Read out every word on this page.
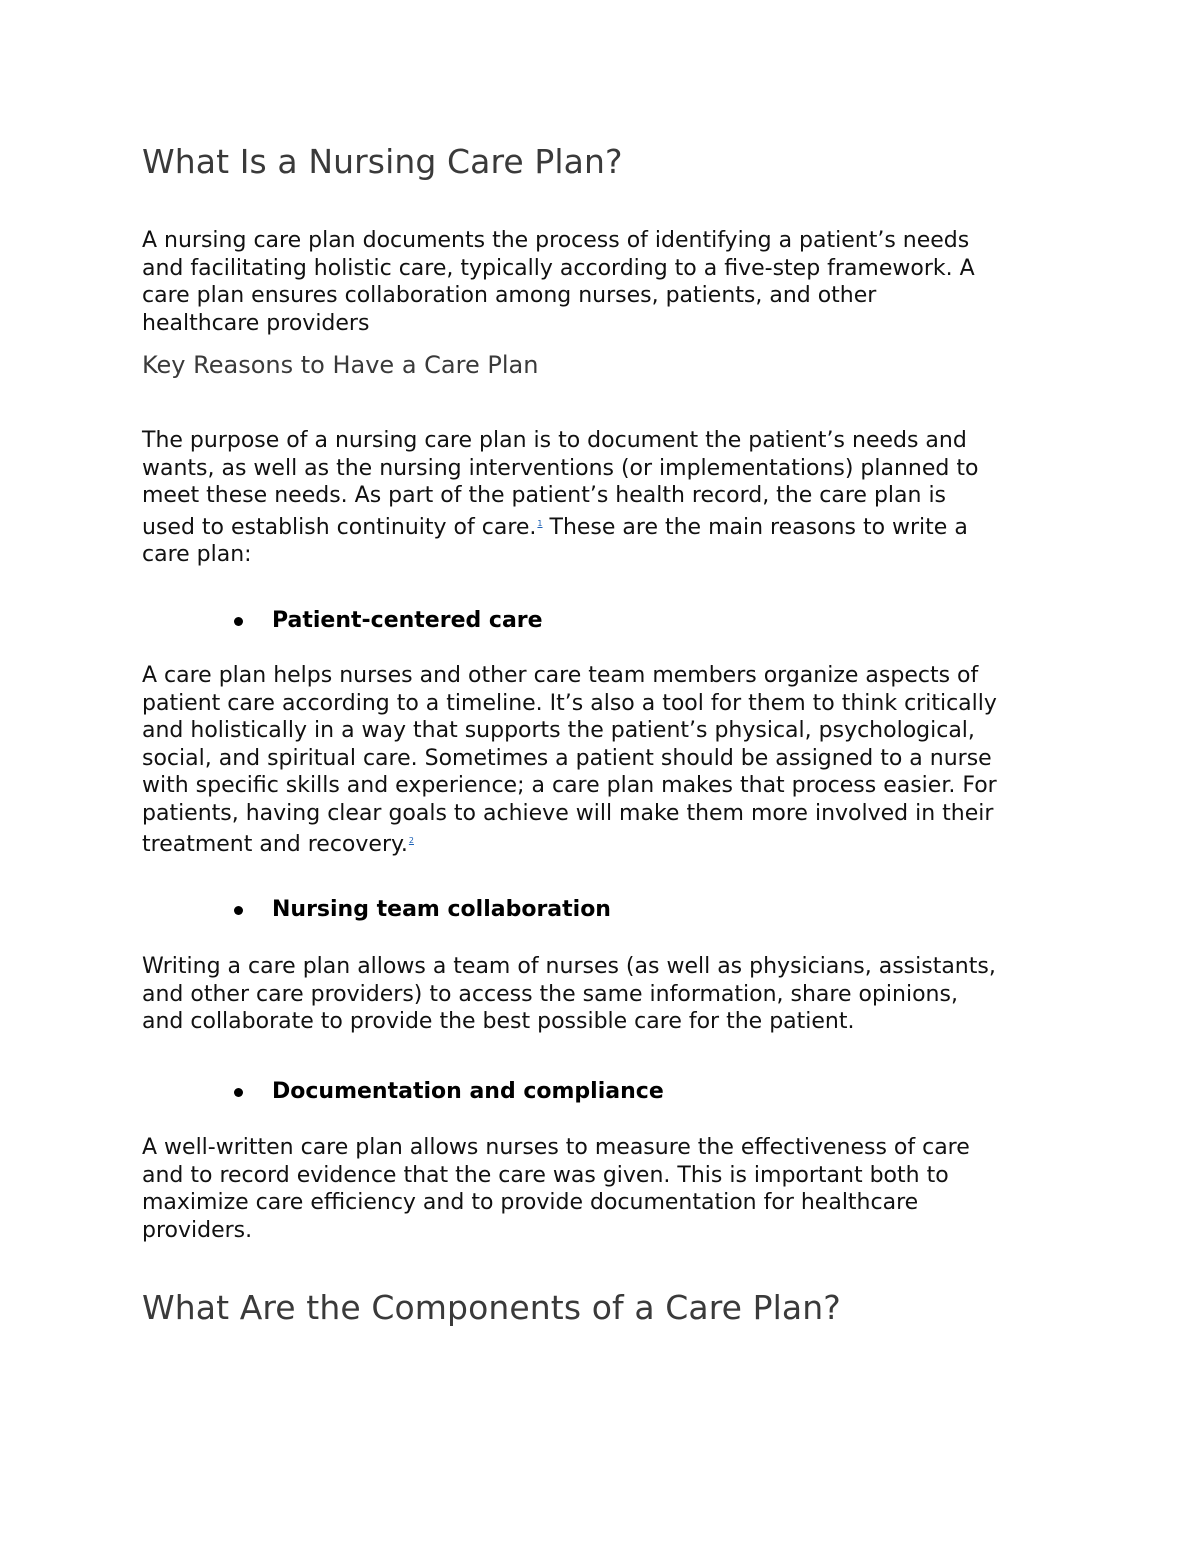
What Is a Nursing Care Plan?
A nursing care plan documents the process of identifying a patient’s needs
and facilitating holistic care, typically according to a five-step framework. A
care plan ensures collaboration among nurses, patients, and other
healthcare providers
Key Reasons to Have a Care Plan
The purpose of a nursing care plan is to document the patient’s needs and
wants, as well as the nursing interventions (or implementations) planned to
meet these needs. As part of the patient’s health record, the care plan is
used to establish continuity of care.$^1$ These are the main reasons to write a
care plan:
Patient-centered care
A care plan helps nurses and other care team members organize aspects of
patient care according to a timeline. It’s also a tool for them to think critically
and holistically in a way that supports the patient’s physical, psychological,
social, and spiritual care. Sometimes a patient should be assigned to a nurse
with specific skills and experience; a care plan makes that process easier. For
patients, having clear goals to achieve will make them more involved in their
treatment and recovery.$^2$
Nursing team collaboration
Writing a care plan allows a team of nurses (as well as physicians, assistants,
and other care providers) to access the same information, share opinions,
and collaborate to provide the best possible care for the patient.
Documentation and compliance
A well-written care plan allows nurses to measure the effectiveness of care
and to record evidence that the care was given. This is important both to
maximize care efficiency and to provide documentation for healthcare
providers.
What Are the Components of a Care Plan?
